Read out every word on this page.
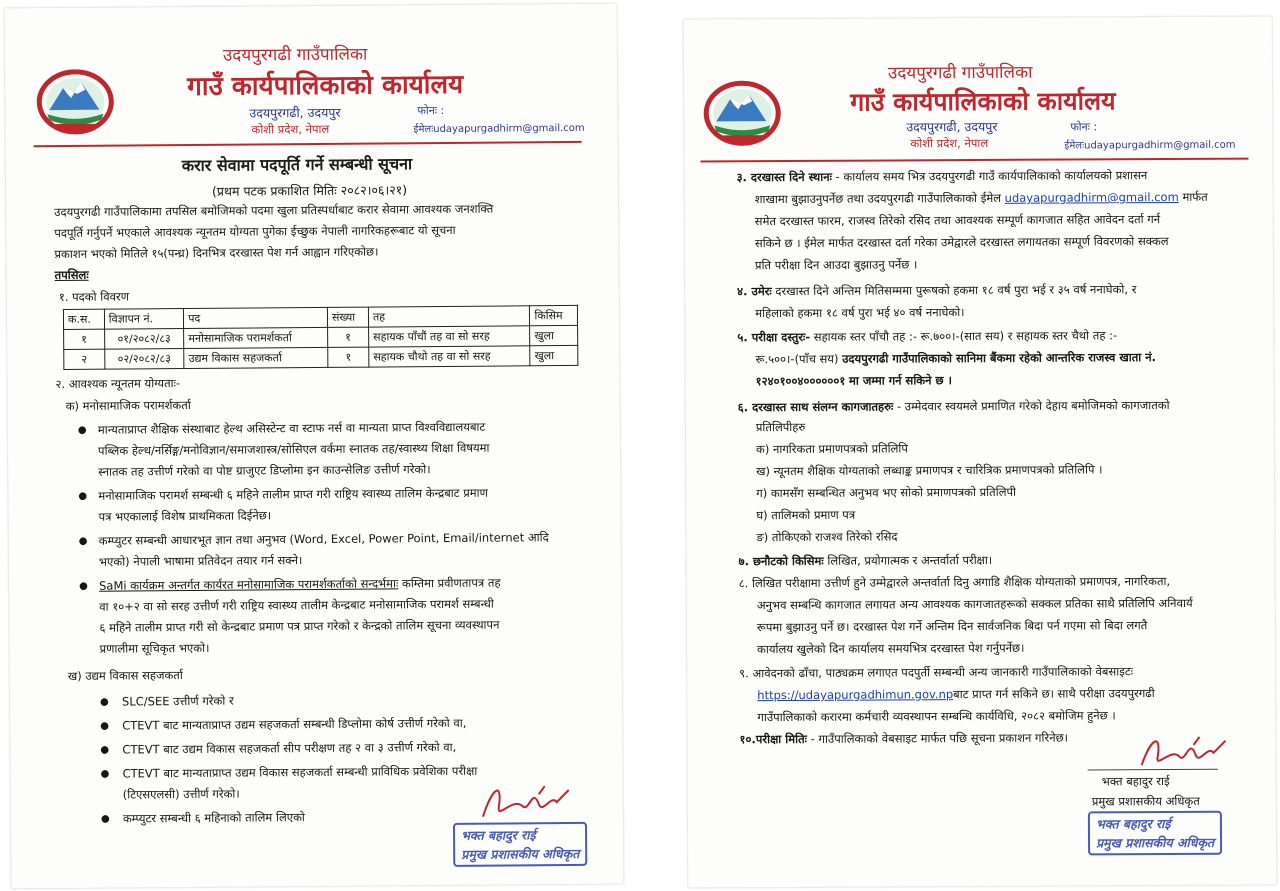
उदयपुरगढी गाउँपालिका
गाउँ कार्यपालिकाको कार्यालय
उदयपुरगढी, उदयपुर
कोशी प्रदेश, नेपाल
फोनः :
ईमेलःudayapurgadhirm@gmail.com
करार सेवामा पदपूर्ति गर्ने सम्बन्धी सूचना
(प्रथम पटक प्रकाशित मितिः २०८२।०६।२१)
उदयपुरगढी गाउँपालिकामा तपसिल बमोजिमको पदमा खुला प्रतिस्पर्धाबाट करार सेवामा आवश्यक जनशक्ति
पदपूर्ति गर्नुपर्ने भएकाले आवश्यक न्यूनतम योग्यता पुगेका ईच्छुक नेपाली नागरिकहरूबाट यो सूचना
प्रकाशन भएको मितिले १५(पन्ध्र) दिनभित्र दरखास्त पेश गर्न आह्वान गरिएकोछ।
तपसिलः
१. पदको विवरण
क.स.	विज्ञापन नं.	पद	संख्या	तह	किसिम
१	०१/२०८२/८३	मनोसामाजिक परामर्शकर्ता	१	सहायक पाँचौं तह वा सो सरह	खुला
२	०२/२०८२/८३	उद्यम विकास सहजकर्ता	१	सहायक चौथो तह वा सो सरह	खुला
२. आवश्यक न्यूनतम योग्यताः-
क) मनोसामाजिक परामर्शकर्ता
● मान्यताप्राप्त शैक्षिक संस्थाबाट हेल्थ असिस्टेन्ट वा स्टाफ नर्स वा मान्यता प्राप्त विश्वविद्यालयबाट
पब्लिक हेल्थ/नर्सिङ्ग/मनोविज्ञान/समाजशास्त्र/सोसिएल वर्कमा स्नातक तह/स्वास्थ्य शिक्षा विषयमा
स्नातक तह उत्तीर्ण गरेको वा पोष्ट ग्राजुएट डिप्लोमा इन काउन्सेलिङ उत्तीर्ण गरेको।
● मनोसामाजिक परामर्श सम्बन्धी ६ महिने तालीम प्राप्त गरी राष्ट्रिय स्वास्थ्य तालिम केन्द्रबाट प्रमाण
पत्र भएकालाई विशेष प्राथमिकता दिईनेछ।
● कम्प्युटर सम्बन्धी आधारभूत ज्ञान तथा अनुभव (Word, Excel, Power Point, Email/internet आदि
भएको) नेपाली भाषामा प्रतिवेदन तयार गर्न सक्ने।
● SaMi कार्यक्रम अन्तर्गत कार्यरत मनोसामाजिक परामर्शकर्ताको सन्दर्भमाः कम्तिमा प्रवीणतापत्र तह
वा १०+२ वा सो सरह उत्तीर्ण गरी राष्ट्रिय स्वास्थ्य तालीम केन्द्रबाट मनोसामाजिक परामर्श सम्बन्धी
६ महिने तालीम प्राप्त गरी सो केन्द्रबाट प्रमाण पत्र प्राप्त गरेको र केन्द्रको तालिम सूचना व्यवस्थापन
प्रणालीमा सूचिकृत भएको।
ख) उद्यम विकास सहजकर्ता
● SLC/SEE उत्तीर्ण गरेको र
● CTEVT बाट मान्यताप्राप्त उद्यम सहजकर्ता सम्बन्धी डिप्लोमा कोर्ष उत्तीर्ण गरेको वा,
● CTEVT बाट उद्यम विकास सहजकर्ता सीप परीक्षण तह २ वा ३ उत्तीर्ण गरेको वा,
● CTEVT बाट मान्यताप्राप्त उद्यम विकास सहजकर्ता सम्बन्धी प्राविधिक प्रवेशिका परीक्षा
(टिएसएलसी) उत्तीर्ण गरेको।
● कम्प्युटर सम्बन्धी ६ महिनाको तालिम लिएको
भक्त बहादुर राई
प्रमुख प्रशासकीय अधिकृत
उदयपुरगढी गाउँपालिका
गाउँ कार्यपालिकाको कार्यालय
उदयपुरगढी, उदयपुर
कोशी प्रदेश, नेपाल
फोनः :
ईमेलःudayapurgadhirm@gmail.com
३. दरखास्त दिने स्थानः - कार्यालय समय भित्र उदयपुरगढी गाउँ कार्यपालिकाको कार्यालयको प्रशासन
शाखामा बुझाउनुपर्नेछ तथा उदयपुरगढी गाउँपालिकाको ईमेल udayapurgadhirm@gmail.com मार्फत
समेत दरखास्त फारम, राजस्व तिरेको रसिद तथा आवश्यक सम्पूर्ण कागजात सहित आवेदन दर्ता गर्न
सकिने छ । ईमेल मार्फत दरखास्त दर्ता गरेका उमेद्वारले दरखास्त लगायतका सम्पूर्ण विवरणको सक्कल
प्रति परीक्षा दिन आउदा बुझाउनु पर्नेछ ।
४. उमेरः दरखास्त दिने अन्तिम मितिसम्ममा पुरूषको हकमा १८ वर्ष पुरा भई र ३५ वर्ष ननाघेको, र
महिलाको हकमा १८ वर्ष पुरा भई ४० वर्ष ननाघेको।
५. परीक्षा दस्तुरः- सहायक स्तर पाँचौ तह :- रू.७००।-(सात सय) र सहायक स्तर चैथो तह :-
रू.५००।-(पाँच सय) उदयपुरगढी गाउँपालिकाको सानिमा बैंकमा रहेको आन्तरिक राजस्व खाता नं.
१२४०१००४००००००१ मा जम्मा गर्न सकिने छ ।
६. दरखास्त साथ संलग्न कागजातहरुः - उम्मेदवार स्वयमले प्रमाणित गरेको देहाय बमोजिमको कागजातको
प्रतिलिपीहरु
क) नागरिकता प्रमाणपत्रको प्रतिलिपि
ख) न्यूनतम शैक्षिक योग्यताको लब्धाङ्क प्रमाणपत्र र चारित्रिक प्रमाणपत्रको प्रतिलिपि ।
ग) कामसँग सम्बन्धित अनुभव भए सोको प्रमाणपत्रको प्रतिलिपी
घ) तालिमको प्रमाण पत्र
ङ) तोकिएको राजश्व तिरेको रसिद
७. छनौटको किसिमः लिखित, प्रयोगात्मक र अन्तर्वार्ता परीक्षा।
८. लिखित परीक्षामा उत्तीर्ण हुने उम्मेद्वारले अन्तर्वार्ता दिनु अगाडि शैक्षिक योग्यताको प्रमाणपत्र, नागरिकता,
अनुभव सम्बन्धि कागजात लगायत अन्य आवश्यक कागजातहरूको सक्कल प्रतिका साथै प्रतिलिपि अनिवार्य
रूपमा बुझाउनु पर्ने छ। दरखास्त पेश गर्ने अन्तिम दिन सार्वजनिक बिदा पर्न गएमा सो बिदा लगतै
कार्यालय खुलेको दिन कार्यालय समयभित्र दरखास्त पेश गर्नुपर्नेछ।
९. आवेदनको ढाँचा, पाठ्यक्रम लगाएत पदपुर्ती सम्बन्धी अन्य जानकारी गाउँपालिकाको वेबसाइटः
https://udayapurgadhimun.gov.npबाट प्राप्त गर्न सकिने छ। साथै परीक्षा उदयपुरगढी
गाउँपालिकाको करारमा कर्मचारी व्यवस्थापन सम्बन्धि कार्यविधि, २०८२ बमोजिम हुनेछ ।
१०.परीक्षा मितिः - गाउँपालिकाको वेबसाइट मार्फत पछि सूचना प्रकाशन गरिनेछ।
भक्त बहादुर राई
प्रमुख प्रशासकीय अधिकृत
भक्त बहादुर राई
प्रमुख प्रशासकीय अधिकृत
